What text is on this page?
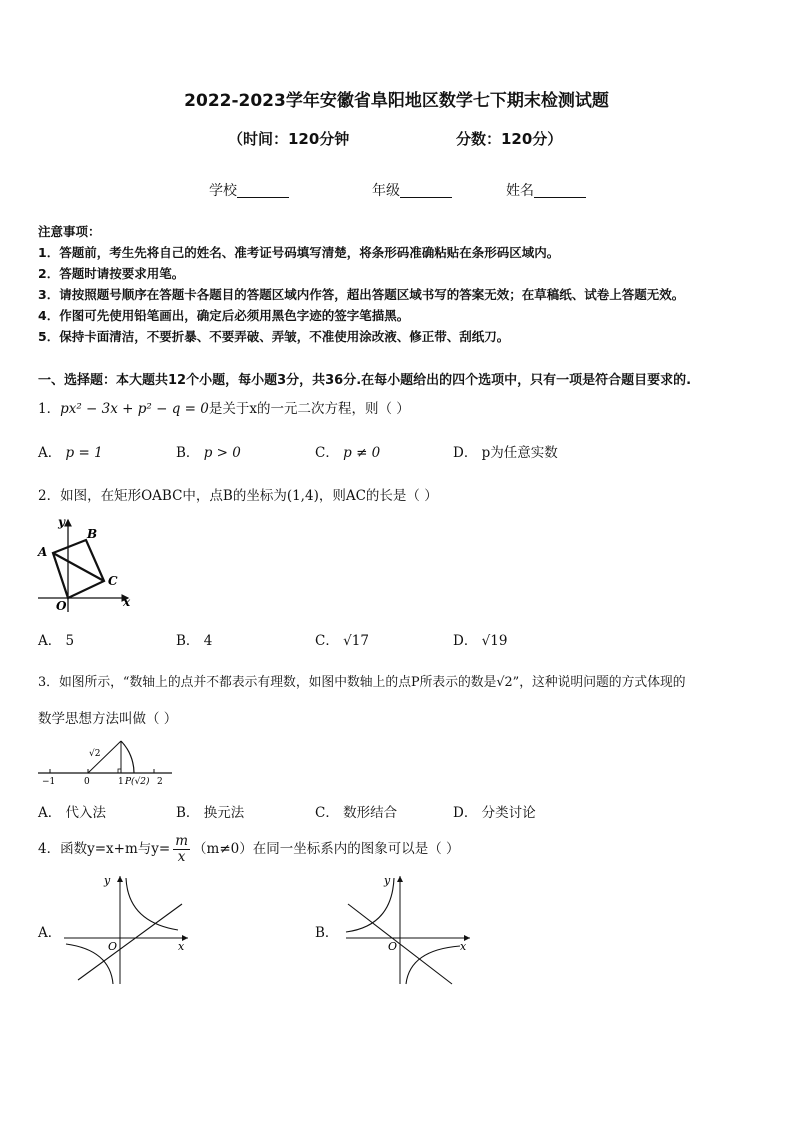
2022-2023学年安徽省阜阳地区数学七下期末检测试题
（时间：120分钟	分数：120分）
学校	年级	姓名
注意事项：
1．答题前，考生先将自己的姓名、准考证号码填写清楚，将条形码准确粘贴在条形码区域内。
2．答题时请按要求用笔。
3．请按照题号顺序在答题卡各题目的答题区域内作答，超出答题区域书写的答案无效；在草稿纸、试卷上答题无效。
4．作图可先使用铅笔画出，确定后必须用黑色字迹的签字笔描黑。
5．保持卡面清洁，不要折暴、不要弄破、弄皱，不准使用涂改液、修正带、刮纸刀。
一、选择题：本大题共12个小题，每小题3分，共36分.在每小题给出的四个选项中，只有一项是符合题目要求的.
1．px² − 3x + p² − q = 0是关于x的一元二次方程，则（ ）
A． p = 1	B． p > 0	C． p ≠ 0	D． p为任意实数
2．如图，在矩形OABC中，点B的坐标为(1,4)，则AC的长是（ ）
y
x
A
B
C
O
A． 5	B． 4	C． √17	D． √19
3．如图所示，“数轴上的点并不都表示有理数，如图中数轴上的点P所表示的数是√2”，这种说明问题的方式体现的
数学思想方法叫做（ ）
−1	0	1 P(√2) 2
√2
A． 代入法	B． 换元法	C． 数形结合	D． 分类讨论
4．函数y=x+m与$y= \frac{m}{x} (m\ne 0)$在同一坐标系内的图象可以是（ ）
A．
y
x
O
B．
y
x
O
